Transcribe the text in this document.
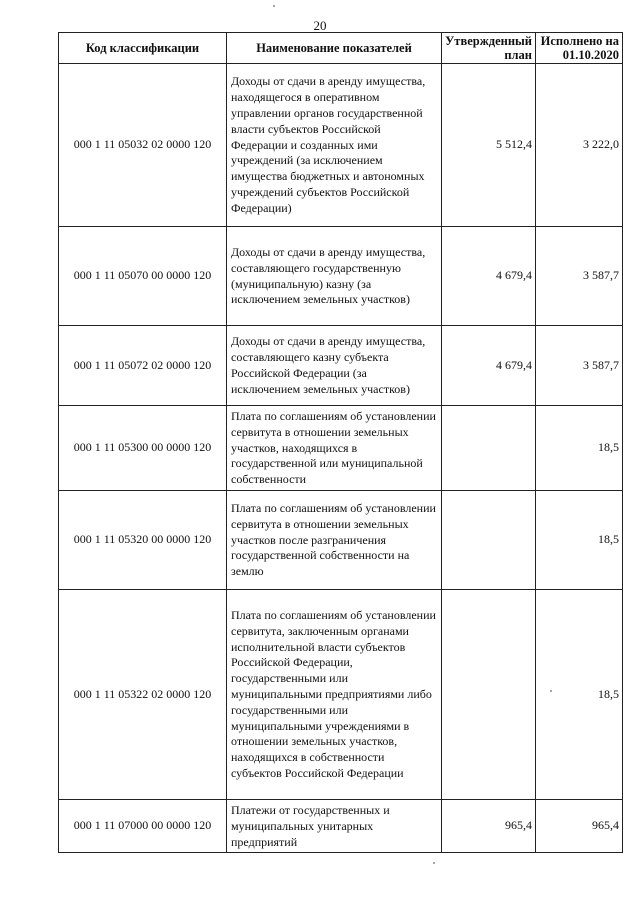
20
Код классификации	Наименование показателей	Утвержденный план	Исполнено на 01.10.2020
000 1 11 05032 02 0000 120	Доходы от сдачи в аренду имущества, находящегося в оперативном управлении органов государственной власти субъектов Российской Федерации и созданных ими учреждений (за исключением имущества бюджетных и автономных учреждений субъектов Российской Федерации)	5 512,4	3 222,0
000 1 11 05070 00 0000 120	Доходы от сдачи в аренду имущества, составляющего государственную (муниципальную) казну (за исключением земельных участков)	4 679,4	3 587,7
000 1 11 05072 02 0000 120	Доходы от сдачи в аренду имущества, составляющего казну субъекта Российской Федерации (за исключением земельных участков)	4 679,4	3 587,7
000 1 11 05300 00 0000 120	Плата по соглашениям об установлении сервитута в отношении земельных участков, находящихся в государственной или муниципальной собственности		18,5
000 1 11 05320 00 0000 120	Плата по соглашениям об установлении сервитута в отношении земельных участков после разграничения государственной собственности на землю		18,5
000 1 11 05322 02 0000 120	Плата по соглашениям об установлении сервитута, заключенным органами исполнительной власти субъектов Российской Федерации, государственными или муниципальными предприятиями либо государственными или муниципальными учреждениями в отношении земельных участков, находящихся в собственности субъектов Российской Федерации		18,5
000 1 11 07000 00 0000 120	Платежи от государственных и муниципальных унитарных предприятий	965,4	965,4
